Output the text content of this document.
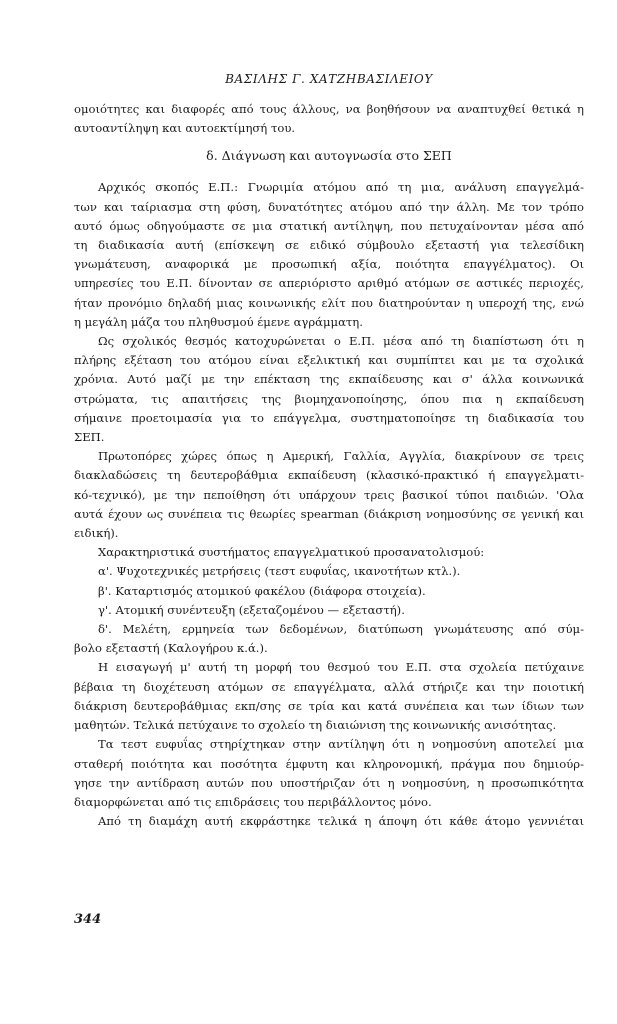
ΒΑΣΙΛΗΣ Γ. ΧΑΤΖΗΒΑΣΙΛΕΙΟΥ
ομοιότητες και διαφορές από τους άλλους, να βοηθήσουν να αναπτυχθεί θετικά η
αυτοαντίληψη και αυτοεκτίμησή του.
δ. Διάγνωση και αυτογνωσία στο ΣΕΠ
Αρχικός σκοπός Ε.Π.: Γνωριμία ατόμου από τη μια, ανάλυση επαγγελμά-
των και ταίριασμα στη φύση, δυνατότητες ατόμου από την άλλη. Με τον τρόπο
αυτό όμως οδηγούμαστε σε μια στατική αντίληψη, που πετυχαίνονταν μέσα από
τη διαδικασία αυτή (επίσκεψη σε ειδικό σύμβουλο εξεταστή για τελεσίδικη
γνωμάτευση, αναφορικά με προσωπική αξία, ποιότητα επαγγέλματος). Οι
υπηρεσίες του Ε.Π. δίνονταν σε απεριόριστο αριθμό ατόμων σε αστικές περιοχές,
ήταν προνόμιο δηλαδή μιας κοινωνικής ελίτ που διατηρούνταν η υπεροχή της, ενώ
η μεγάλη μάζα του πληθυσμού έμενε αγράμματη.
Ως σχολικός θεσμός κατοχυρώνεται ο Ε.Π. μέσα από τη διαπίστωση ότι η
πλήρης εξέταση του ατόμου είναι εξελικτική και συμπίπτει και με τα σχολικά
χρόνια. Αυτό μαζί με την επέκταση της εκπαίδευσης και σ' άλλα κοινωνικά
στρώματα, τις απαιτήσεις της βιομηχανοποίησης, όπου πια η εκπαίδευση
σήμαινε προετοιμασία για το επάγγελμα, συστηματοποίησε τη διαδικασία του
ΣΕΠ.
Πρωτοπόρες χώρες όπως η Αμερική, Γαλλία, Αγγλία, διακρίνουν σε τρεις
διακλαδώσεις τη δευτεροβάθμια εκπαίδευση (κλασικό-πρακτικό ή επαγγελματι-
κό-τεχνικό), με την πεποίθηση ότι υπάρχουν τρεις βασικοί τύποι παιδιών. 'Ολα
αυτά έχουν ως συνέπεια τις θεωρίες spearman (διάκριση νοημοσύνης σε γενική και
ειδική).
Χαρακτηριστικά συστήματος επαγγελματικού προσανατολισμού:
α'. Ψυχοτεχνικές μετρήσεις (τεστ ευφυΐας, ικανοτήτων κτλ.).
β'. Καταρτισμός ατομικού φακέλου (διάφορα στοιχεία).
γ'. Ατομική συνέντευξη (εξεταζομένου — εξεταστή).
δ'. Μελέτη, ερμηνεία των δεδομένων, διατύπωση γνωμάτευσης από σύμ-
βολο εξεταστή (Καλογήρου κ.ά.).
Η εισαγωγή μ' αυτή τη μορφή του θεσμού του Ε.Π. στα σχολεία πετύχαινε
βέβαια τη διοχέτευση ατόμων σε επαγγέλματα, αλλά στήριζε και την ποιοτική
διάκριση δευτεροβάθμιας εκπ/σης σε τρία και κατά συνέπεια και των ίδιων των
μαθητών. Τελικά πετύχαινε το σχολείο τη διαιώνιση της κοινωνικής ανισότητας.
Τα τεστ ευφυΐας στηρίχτηκαν στην αντίληψη ότι η νοημοσύνη αποτελεί μια
σταθερή ποιότητα και ποσότητα έμφυτη και κληρονομική, πράγμα που δημιούρ-
γησε την αντίδραση αυτών που υποστήριζαν ότι η νοημοσύνη, η προσωπικότητα
διαμορφώνεται από τις επιδράσεις του περιβάλλοντος μόνο.
Από τη διαμάχη αυτή εκφράστηκε τελικά η άποψη ότι κάθε άτομο γεννιέται
344
